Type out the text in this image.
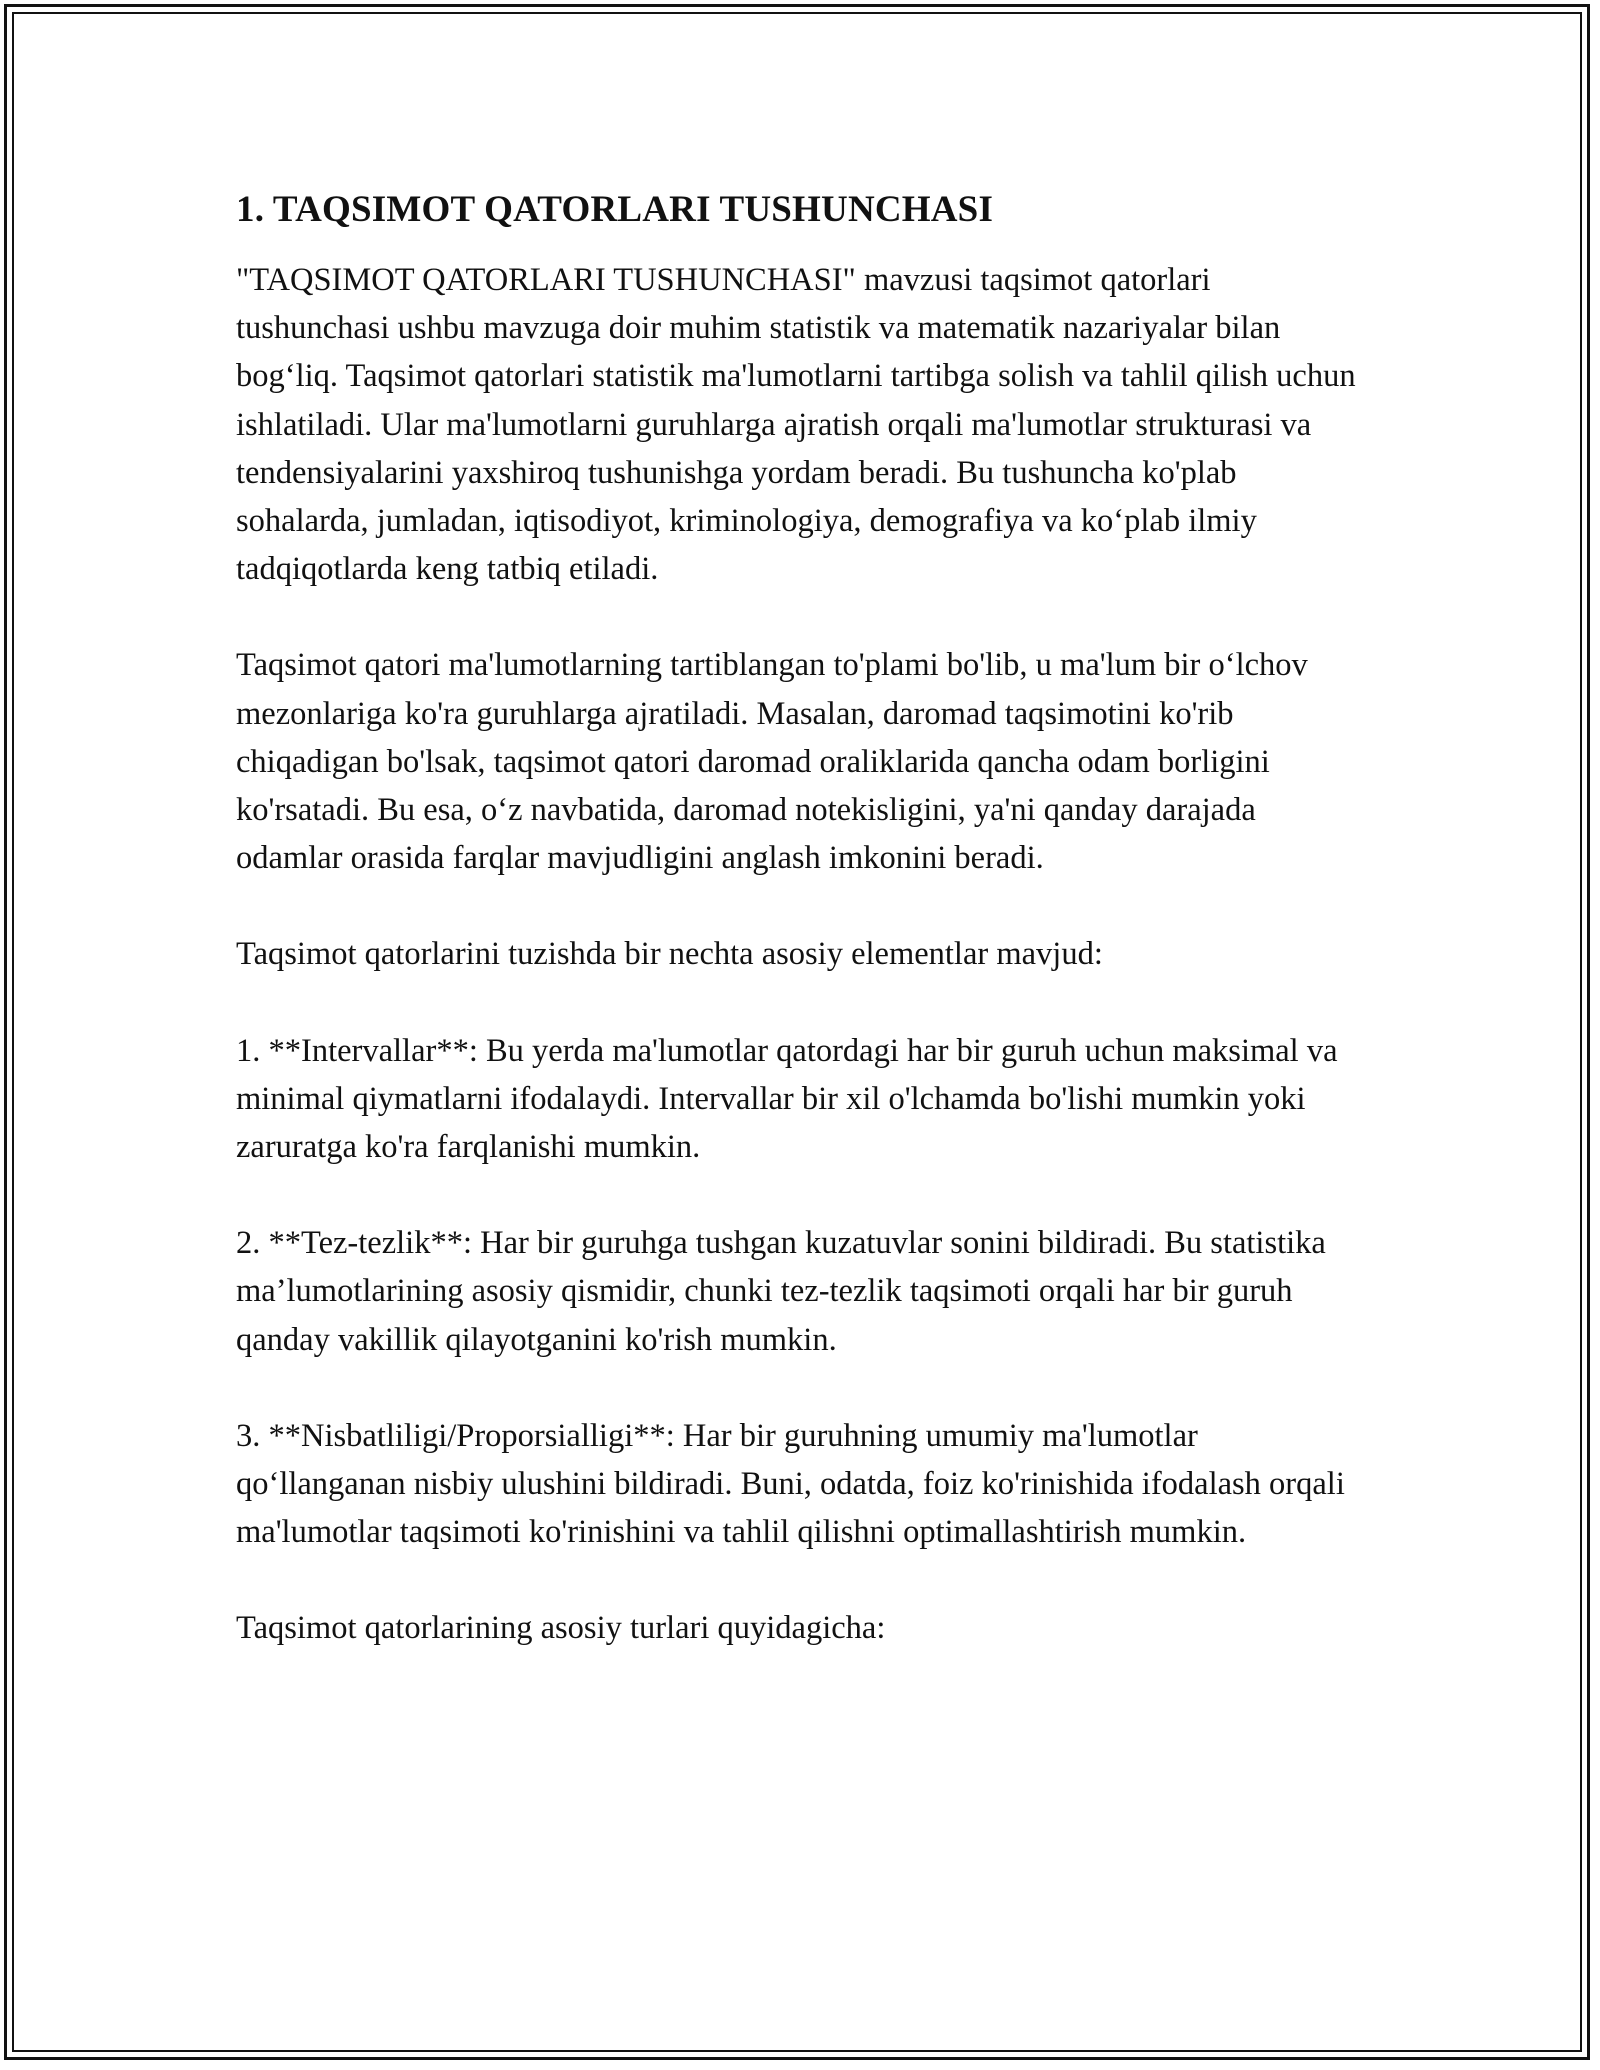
1. TAQSIMOT QATORLARI TUSHUNCHASI

"TAQSIMOT QATORLARI TUSHUNCHASI" mavzusi taqsimot qatorlari tushunchasi ushbu mavzuga doir muhim statistik va matematik nazariyalar bilan bog‘liq. Taqsimot qatorlari statistik ma'lumotlarni tartibga solish va tahlil qilish uchun ishlatiladi. Ular ma'lumotlarni guruhlarga ajratish orqali ma'lumotlar strukturasi va tendensiyalarini yaxshiroq tushunishga yordam beradi. Bu tushuncha ko'plab sohalarda, jumladan, iqtisodiyot, kriminologiya, demografiya va ko‘plab ilmiy tadqiqotlarda keng tatbiq etiladi.

Taqsimot qatori ma'lumotlarning tartiblangan to'plami bo'lib, u ma'lum bir o‘lchov mezonlariga ko'ra guruhlarga ajratiladi. Masalan, daromad taqsimotini ko'rib chiqadigan bo'lsak, taqsimot qatori daromad oraliklarida qancha odam borligini ko'rsatadi. Bu esa, o‘z navbatida, daromad notekisligini, ya'ni qanday darajada odamlar orasida farqlar mavjudligini anglash imkonini beradi.

Taqsimot qatorlarini tuzishda bir nechta asosiy elementlar mavjud:

1. **Intervallar**: Bu yerda ma'lumotlar qatordagi har bir guruh uchun maksimal va minimal qiymatlarni ifodalaydi. Intervallar bir xil o'lchamda bo'lishi mumkin yoki zaruratga ko'ra farqlanishi mumkin.

2. **Tez-tezlik**: Har bir guruhga tushgan kuzatuvlar sonini bildiradi. Bu statistika ma’lumotlarining asosiy qismidir, chunki tez-tezlik taqsimoti orqali har bir guruh qanday vakillik qilayotganini ko'rish mumkin.

3. **Nisbatliligi/Proporsialligi**: Har bir guruhning umumiy ma'lumotlar qo‘llanganan nisbiy ulushini bildiradi. Buni, odatda, foiz ko'rinishida ifodalash orqali ma'lumotlar taqsimoti ko'rinishini va tahlil qilishni optimallashtirish mumkin.

Taqsimot qatorlarining asosiy turlari quyidagicha:
